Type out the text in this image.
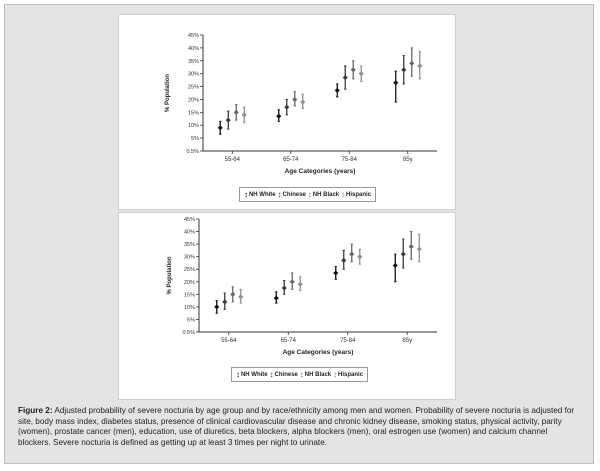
0.5%
5%
10%
15%
20%
25%
30%
35%
40%
45%
% Population
55-64	65-74	75-84	85y
Age Categories (years)
↕ NH White ↕ Chinese ↕ NH Black ↕ Hispanic
0.5%
5%
10%
15%
20%
25%
30%
35%
40%
45%
% Population
55-64	65-74	75-84	85y
Age Categories (years)
↕ NH White ↕ Chinese ↕ NH Black ↕ Hispanic
Figure 2: Adjusted probability of severe nocturia by age group and by race/ethnicity among men and women. Probability of severe nocturia is adjusted for site, body mass index, diabetes status, presence of clinical cardiovascular disease and chronic kidney disease, smoking status, physical activity, parity (women), prostate cancer (men), education, use of diuretics, beta blockers, alpha blockers (men), oral estrogen use (women) and calcium channel blockers. Severe nocturia is defined as getting up at least 3 times per night to urinate.
